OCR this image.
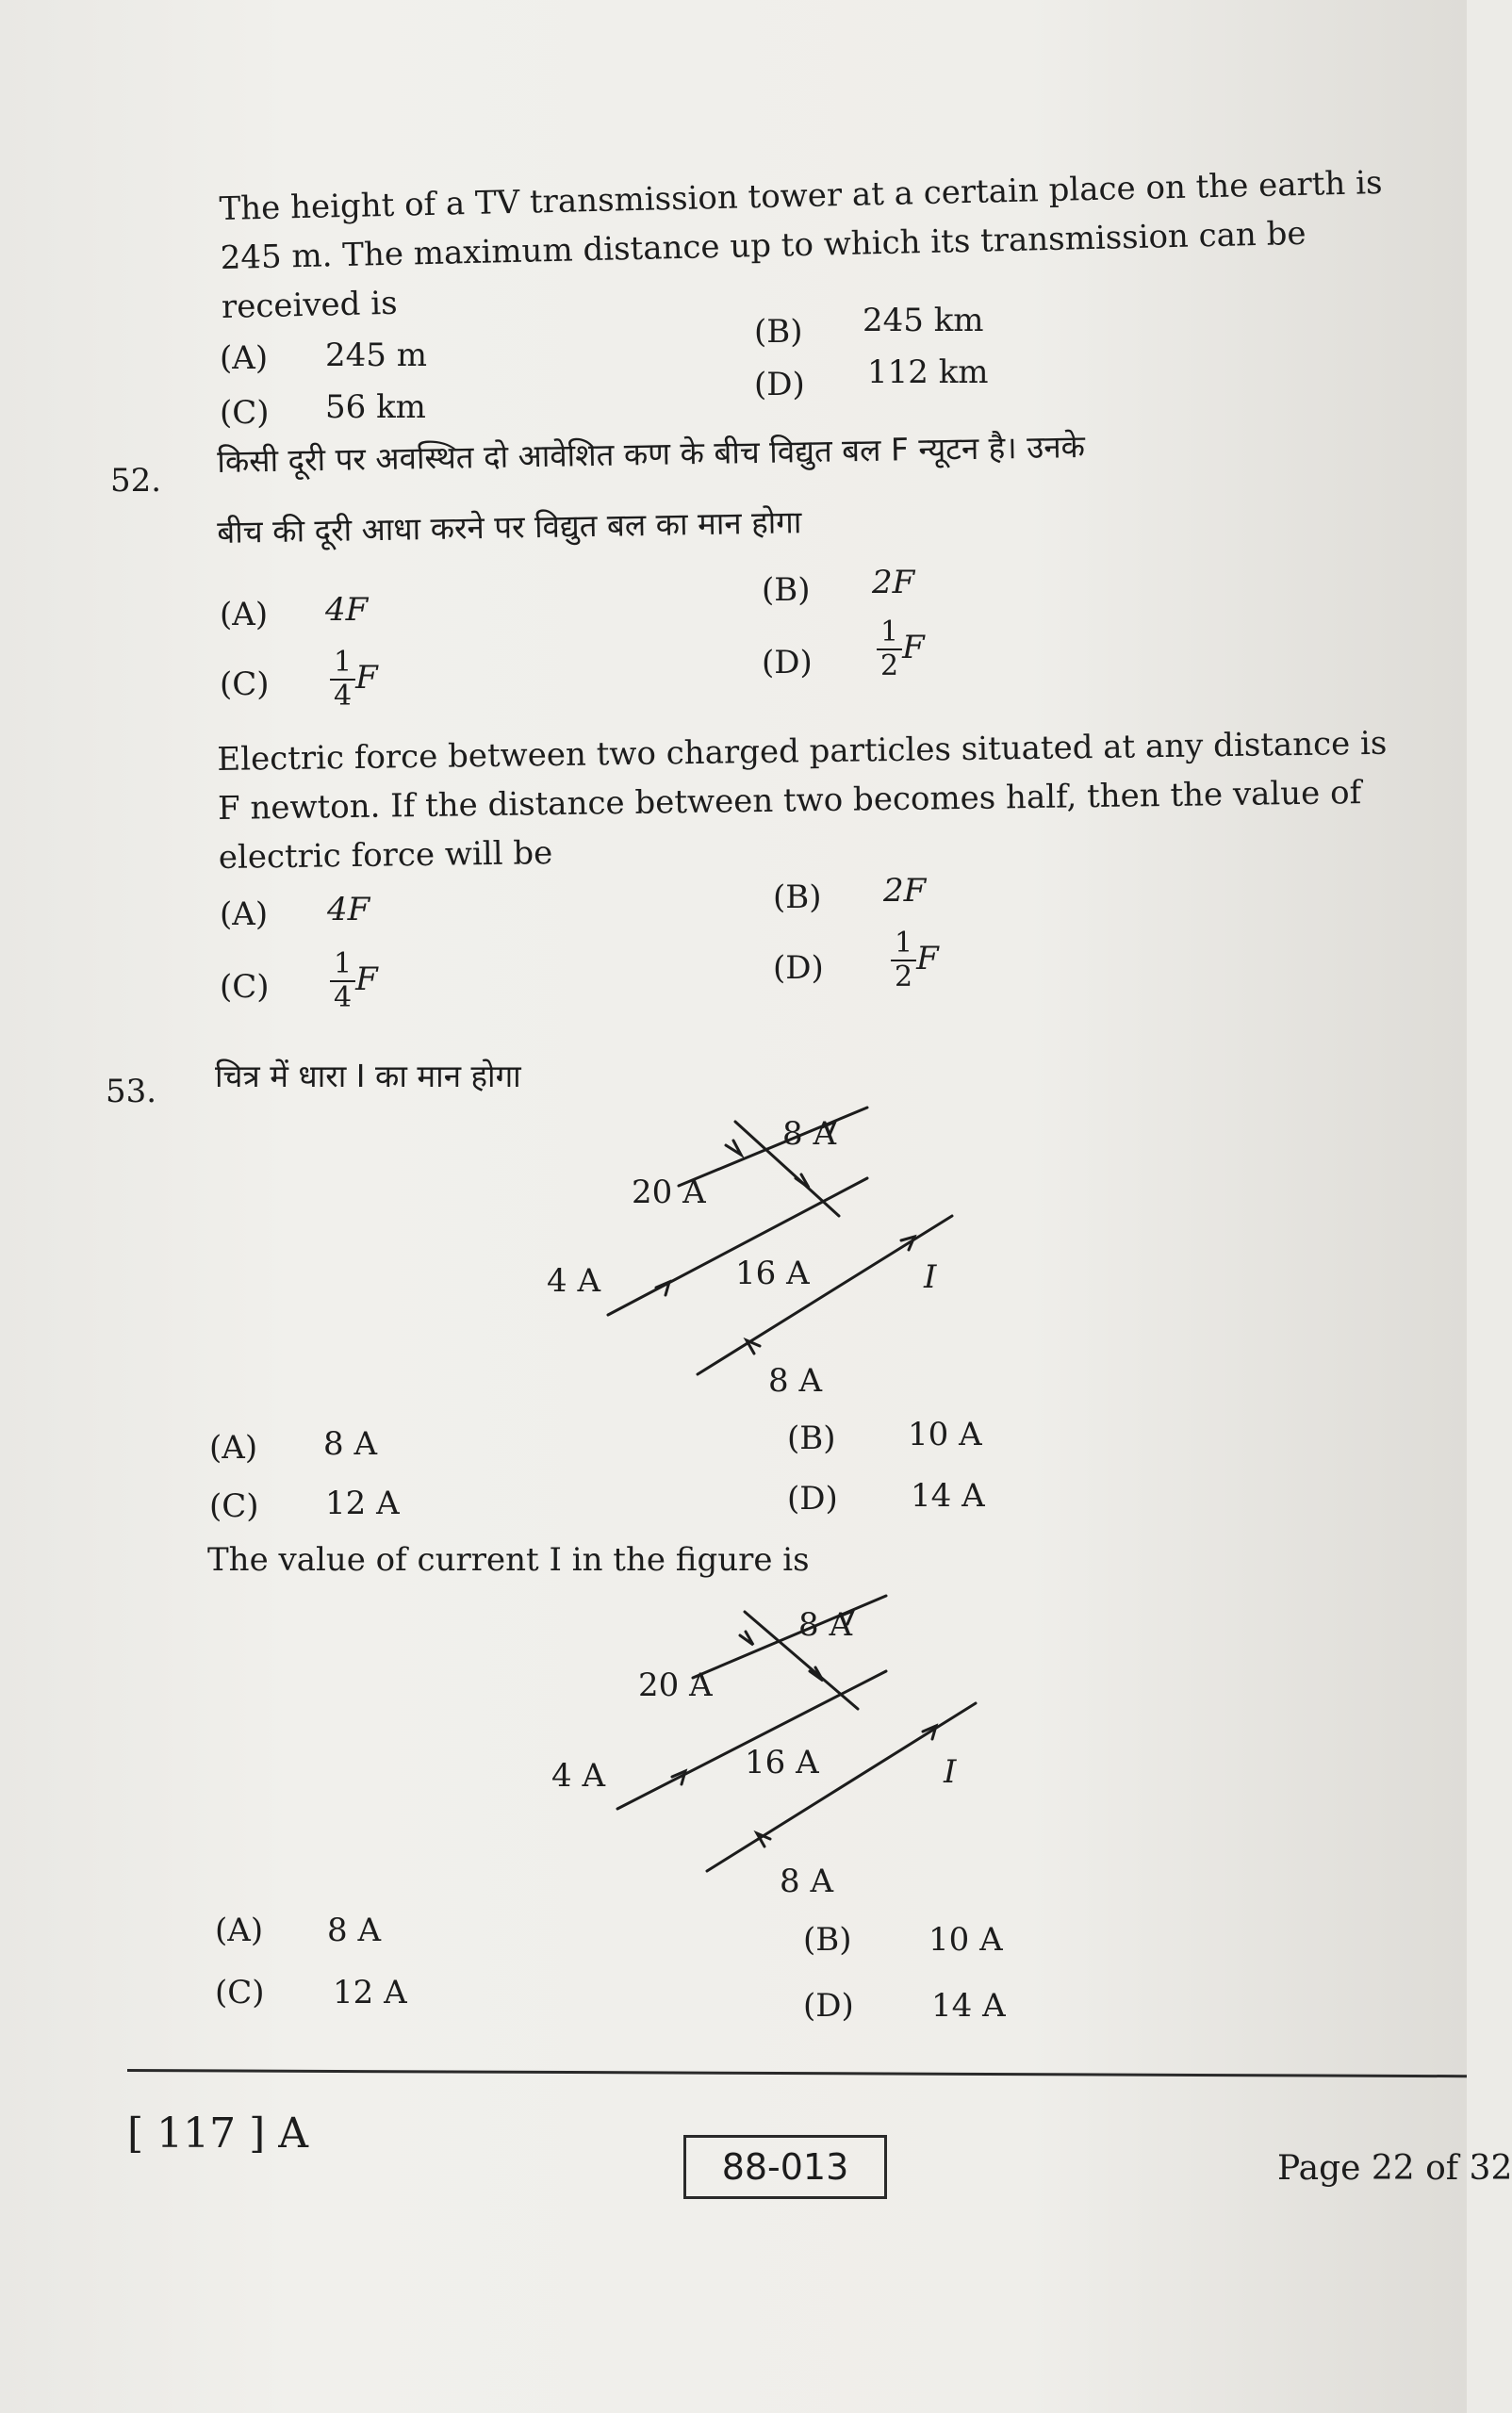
The height of a TV transmission tower at a certain place on the earth is 245 m. The maximum distance up to which its transmission can be received is
(A) 245 m
(B) 245 km
(C) 56 km
(D) 112 km
52.
किसी दूरी पर अवस्थित दो आवेशित कण के बीच विद्युत बल F न्यूटन है। उनके
बीच की दूरी आधा करने पर विद्युत बल का मान होगा
(A) 4F
(B) 2F
$(C) \frac{1}{4}$ F	$(D) \frac{1}{2}$ F
Electric force between two charged particles situated at any distance is F newton. If the distance between two becomes half, then the value of electric force will be
(A) 4F	(B) 2F
$(C) \frac{1}{4}$ F	$(D) \frac{1}{2}$ F
53. चित्र में धारा I का मान होगा
8 A
20 A
4 A	16 A	I
8 A
(A) 8 A	(B) 10 A
(C) 12 A	(D) 14 A
The value of current I in the figure is
8 A
20 A
4 A	16 A	I
8 A
(A) 8 A	(B) 10 A
(C) 12 A	(D) 14 A
[ 117 ] A
88-013	Page 22 of 32
